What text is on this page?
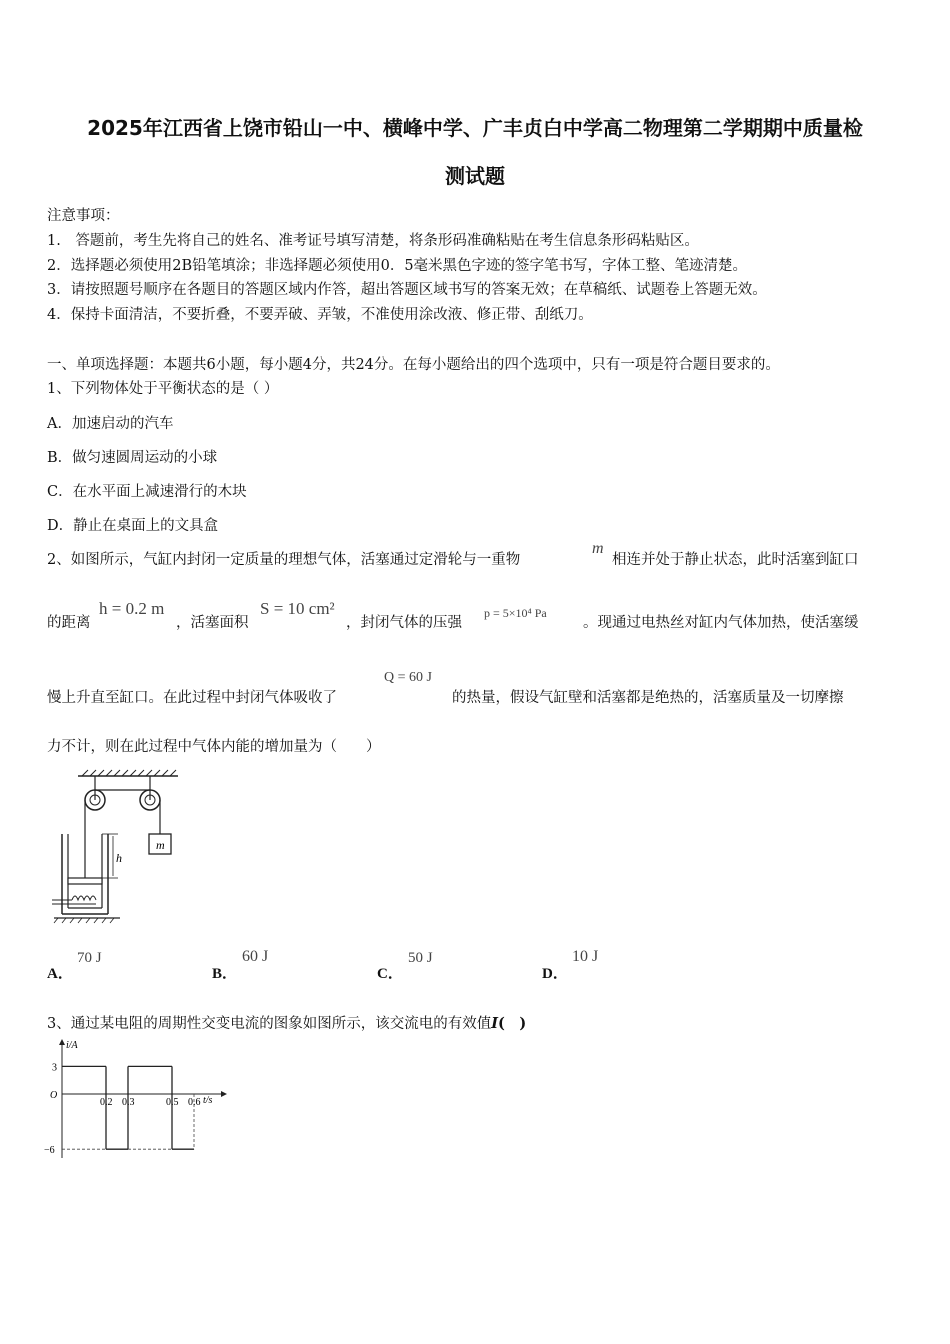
2025年江西省上饶市铅山一中、横峰中学、广丰贞白中学高二物理第二学期期中质量检
测试题
注意事项：
1.　答题前，考生先将自己的姓名、准考证号填写清楚，将条形码准确粘贴在考生信息条形码粘贴区。
2．选择题必须使用2B铅笔填涂；非选择题必须使用0．5毫米黑色字迹的签字笔书写，字体工整、笔迹清楚。
3．请按照题号顺序在各题目的答题区域内作答，超出答题区域书写的答案无效；在草稿纸、试题卷上答题无效。
4．保持卡面清洁，不要折叠，不要弄破、弄皱，不准使用涂改液、修正带、刮纸刀。
一、单项选择题：本题共6小题，每小题4分，共24分。在每小题给出的四个选项中，只有一项是符合题目要求的。
1、下列物体处于平衡状态的是（ ）
A．加速启动的汽车
B．做匀速圆周运动的小球
C．在水平面上减速滑行的木块
D．静止在桌面上的文具盒
2、如图所示，气缸内封闭一定质量的理想气体，活塞通过定滑轮与一重物
m
相连并处于静止状态，此时活塞到缸口
的距离
h = 0.2 m
，活塞面积
S = 10 cm²
，封闭气体的压强
p = 5×10⁴ Pa
。现通过电热丝对缸内气体加热，使活塞缓
慢上升直至缸口。在此过程中封闭气体吸收了
Q = 60 J
的热量，假设气缸壁和活塞都是绝热的，活塞质量及一切摩擦
力不计，则在此过程中气体内能的增加量为（　　）
m
h
A．
70 J
B．
60 J
C．
50 J
D．
10 J
3、通过某电阻的周期性交变电流的图象如图所示，该交流电的有效值I(　)
i/A
t/s
0.2 0.3	0.5 0.6
3
O
−6
